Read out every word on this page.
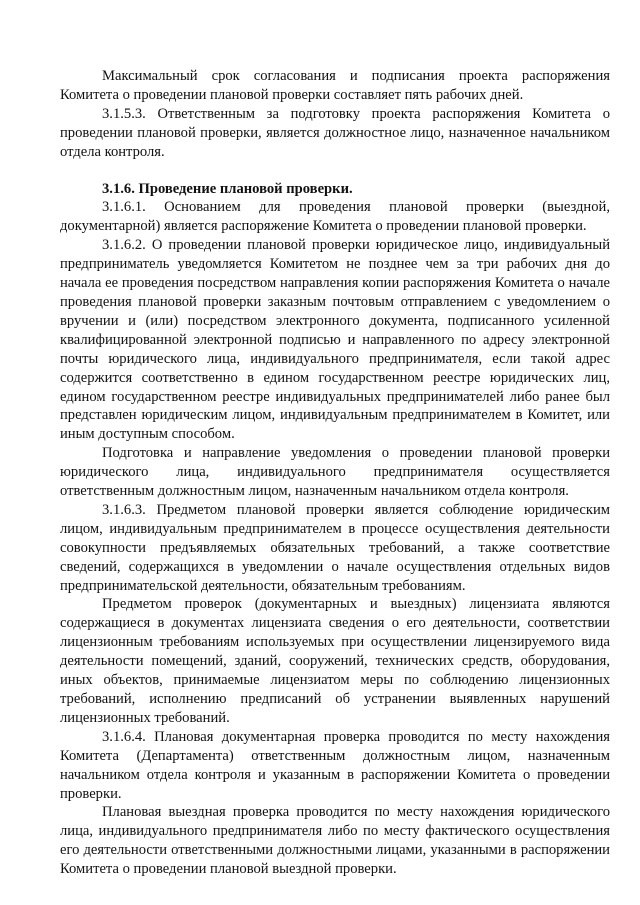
Максимальный срок согласования и подписания проекта распоряжения Комитета о проведении плановой проверки составляет пять рабочих дней.

3.1.5.3. Ответственным за подготовку проекта распоряжения Комитета о проведении плановой проверки, является должностное лицо, назначенное начальником отдела контроля.

3.1.6. Проведение плановой проверки.

3.1.6.1. Основанием для проведения плановой проверки (выездной, документарной) является распоряжение Комитета о проведении плановой проверки.

3.1.6.2. О проведении плановой проверки юридическое лицо, индивидуальный предприниматель уведомляется Комитетом не позднее чем за три рабочих дня до начала ее проведения посредством направления копии распоряжения Комитета о начале проведения плановой проверки заказным почтовым отправлением с уведомлением о вручении и (или) посредством электронного документа, подписанного усиленной квалифицированной электронной подписью и направленного по адресу электронной почты юридического лица, индивидуального предпринимателя, если такой адрес содержится соответственно в едином государственном реестре юридических лиц, едином государственном реестре индивидуальных предпринимателей либо ранее был представлен юридическим лицом, индивидуальным предпринимателем в Комитет, или иным доступным способом.

Подготовка и направление уведомления о проведении плановой проверки юридического лица, индивидуального предпринимателя осуществляется ответственным должностным лицом, назначенным начальником отдела контроля.

3.1.6.3. Предметом плановой проверки является соблюдение юридическим лицом, индивидуальным предпринимателем в процессе осуществления деятельности совокупности предъявляемых обязательных требований, а также соответствие сведений, содержащихся в уведомлении о начале осуществления отдельных видов предпринимательской деятельности, обязательным требованиям.

Предметом проверок (документарных и выездных) лицензиата являются содержащиеся в документах лицензиата сведения о его деятельности, соответствии лицензионным требованиям используемых при осуществлении лицензируемого вида деятельности помещений, зданий, сооружений, технических средств, оборудования, иных объектов, принимаемые лицензиатом меры по соблюдению лицензионных требований, исполнению предписаний об устранении выявленных нарушений лицензионных требований.

3.1.6.4. Плановая документарная проверка проводится по месту нахождения Комитета (Департамента) ответственным должностным лицом, назначенным начальником отдела контроля и указанным в распоряжении Комитета о проведении проверки.

Плановая выездная проверка проводится по месту нахождения юридического лица, индивидуального предпринимателя либо по месту фактического осуществления его деятельности ответственными должностными лицами, указанными в распоряжении Комитета о проведении плановой выездной проверки.
